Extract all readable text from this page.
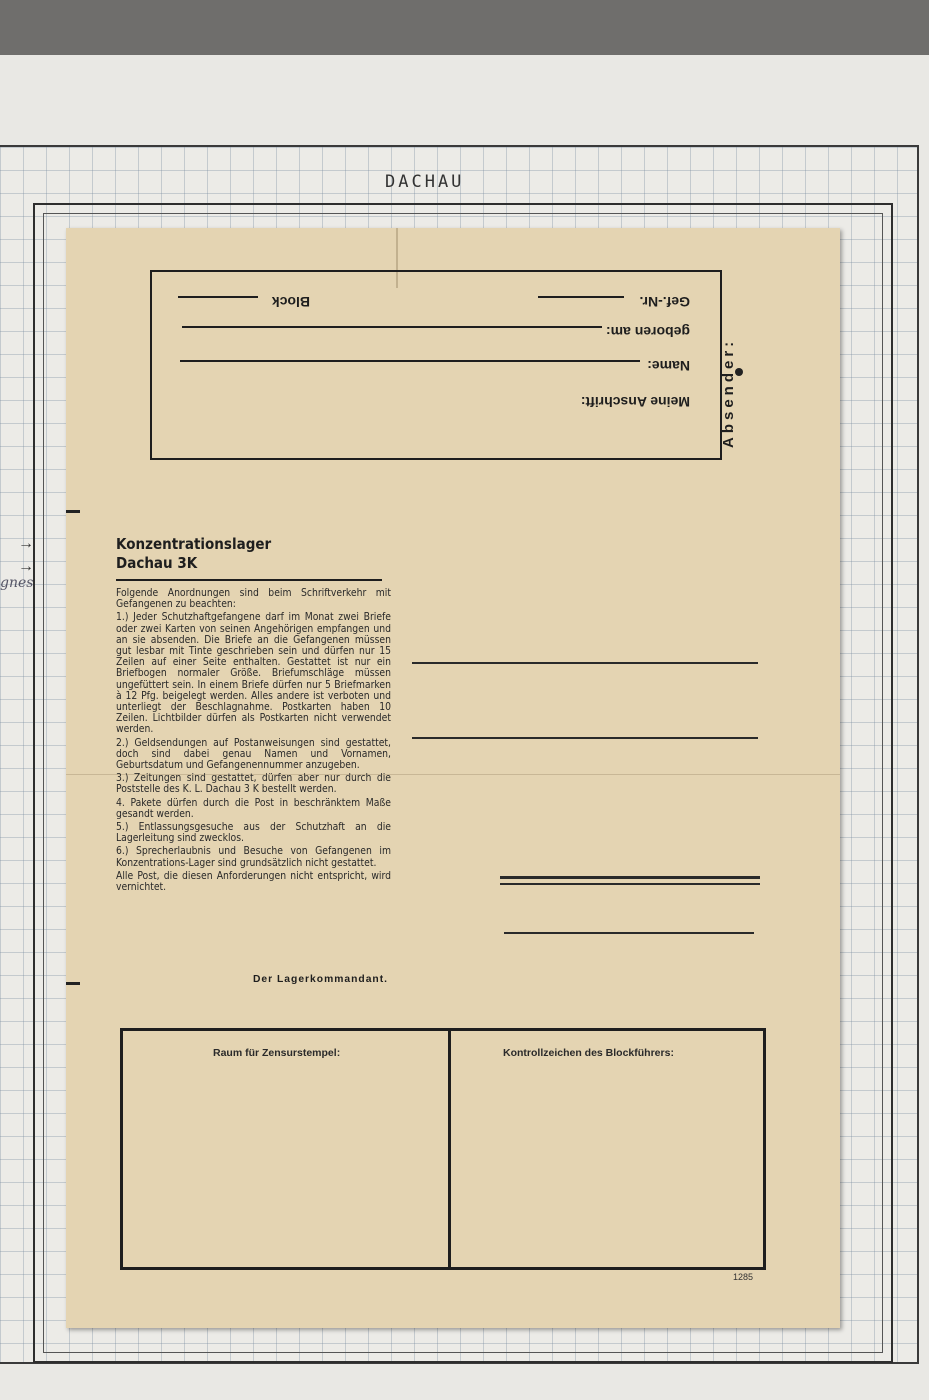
DACHAU
→
→
gnes
Absender:
Meine Anschrift:
Name:
geboren am:
Gef.-Nr.
Block
Konzentrationslager
Dachau 3K

Folgende Anordnungen sind beim Schriftverkehr mit Gefangenen zu beachten:

1.) Jeder Schutzhaftgefangene darf im Monat zwei Briefe oder zwei Karten von seinen Angehörigen empfangen und an sie absenden. Die Briefe an die Gefangenen müssen gut lesbar mit Tinte geschrieben sein und dürfen nur 15 Zeilen auf einer Seite enthalten. Gestattet ist nur ein Briefbogen normaler Größe. Briefumschläge müssen ungefüttert sein. In einem Briefe dürfen nur 5 Briefmarken à 12 Pfg. beigelegt werden. Alles andere ist verboten und unterliegt der Beschlagnahme. Postkarten haben 10 Zeilen. Lichtbilder dürfen als Postkarten nicht verwendet werden.

2.) Geldsendungen auf Postanweisungen sind gestattet, doch sind dabei genau Namen und Vornamen, Geburtsdatum und Gefangenennummer anzugeben.

3.) Zeitungen sind gestattet, dürfen aber nur durch die Poststelle des K. L. Dachau 3 K bestellt werden.

4. Pakete dürfen durch die Post in beschränktem Maße gesandt werden.

5.) Entlassungsgesuche aus der Schutzhaft an die Lagerleitung sind zwecklos.

6.) Sprecherlaubnis und Besuche von Gefangenen im Konzentrations-Lager sind grundsätzlich nicht gestattet.

Alle Post, die diesen Anforderungen nicht entspricht, wird vernichtet.

Der Lagerkommandant.
Raum für Zensurstempel:	Kontrollzeichen des Blockführers:
1285
